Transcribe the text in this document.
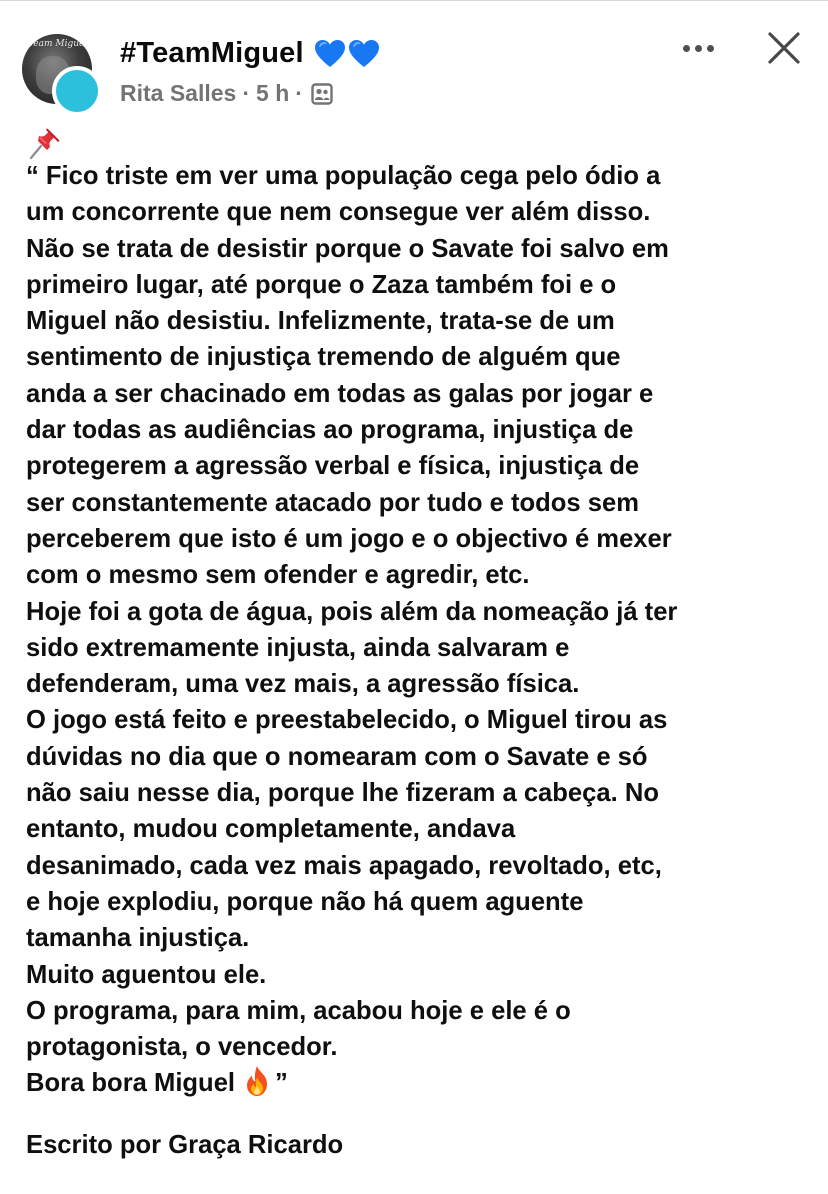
Team Miguel #TeamMiguel
Rita Salles · 5 h ·
“ Fico triste em ver uma população cega pelo ódio a
um concorrente que nem consegue ver além disso.
Não se trata de desistir porque o Savate foi salvo em
primeiro lugar, até porque o Zaza também foi e o
Miguel não desistiu. Infelizmente, trata-se de um
sentimento de injustiça tremendo de alguém que
anda a ser chacinado em todas as galas por jogar e
dar todas as audiências ao programa, injustiça de
protegerem a agressão verbal e física, injustiça de
ser constantemente atacado por tudo e todos sem
perceberem que isto é um jogo e o objectivo é mexer
com o mesmo sem ofender e agredir, etc.
Hoje foi a gota de água, pois além da nomeação já ter
sido extremamente injusta, ainda salvaram e
defenderam, uma vez mais, a agressão física.
O jogo está feito e preestabelecido, o Miguel tirou as
dúvidas no dia que o nomearam com o Savate e só
não saiu nesse dia, porque lhe fizeram a cabeça. No
entanto, mudou completamente, andava
desanimado, cada vez mais apagado, revoltado, etc,
e hoje explodiu, porque não há quem aguente
tamanha injustiça.
Muito aguentou ele.
O programa, para mim, acabou hoje e ele é o
protagonista, o vencedor.
Bora bora Miguel ”
Escrito por Graça Ricardo
